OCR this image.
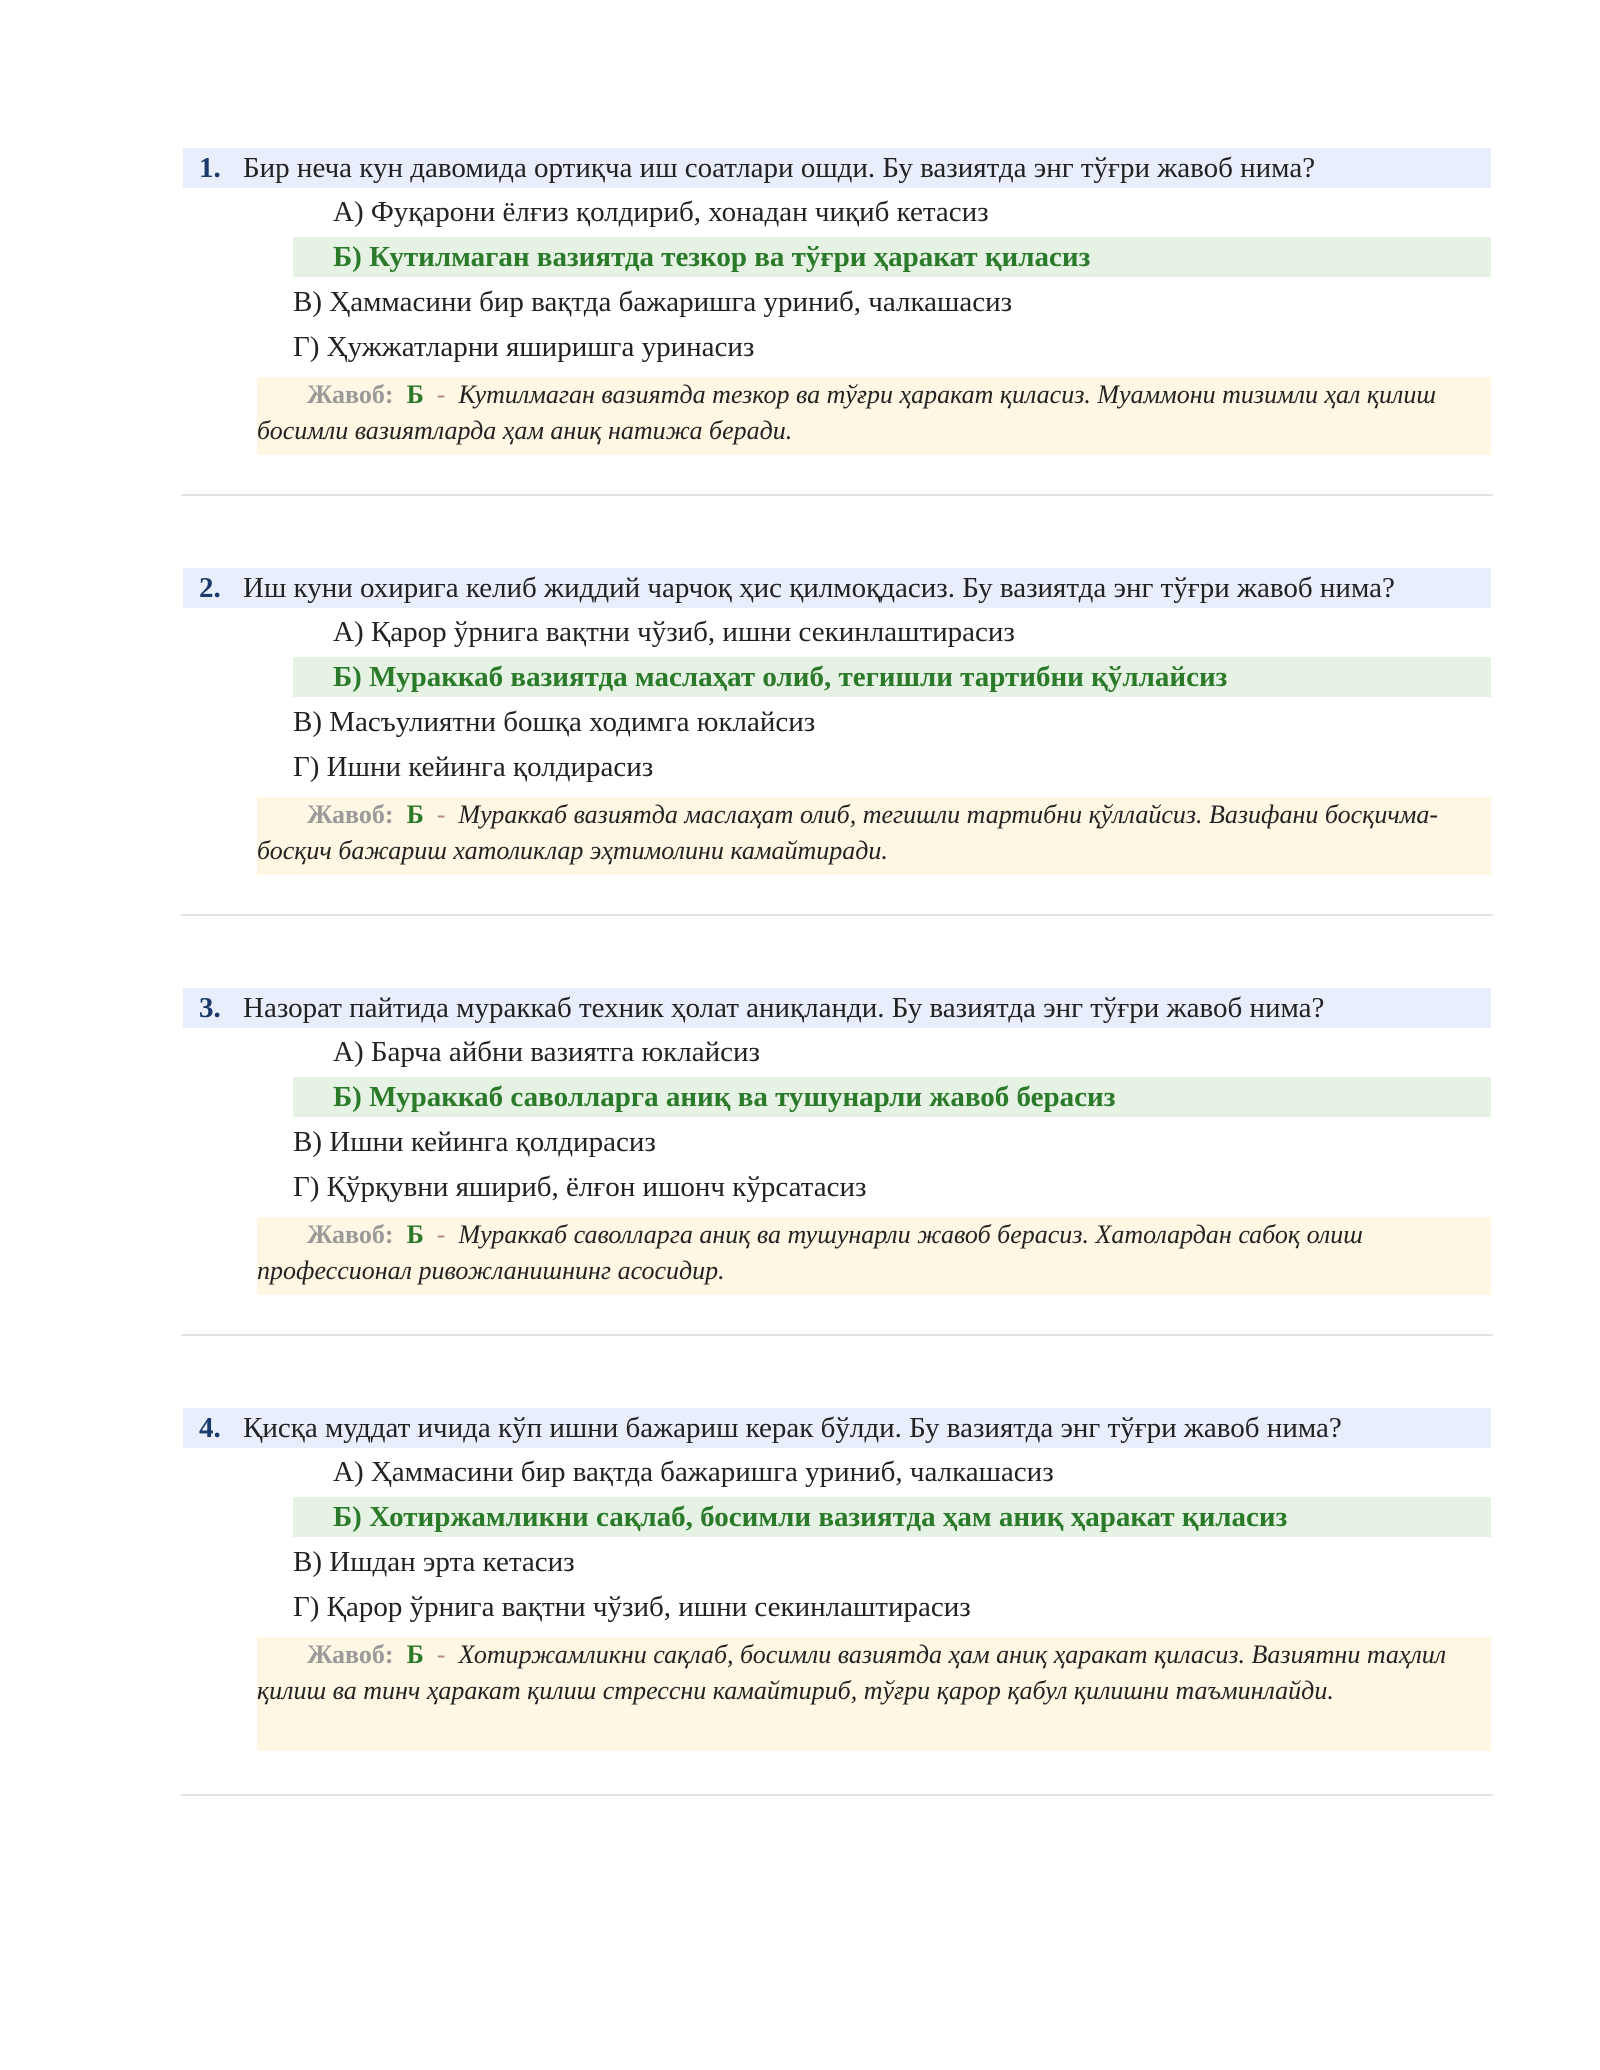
1. Бир неча кун давомида ортиқча иш соатлари ошди. Бу вазиятда энг тўғри жавоб нима?
А) Фуқарони ёлғиз қолдириб, хонадан чиқиб кетасиз
Б) Кутилмаган вазиятда тезкор ва тўғри ҳаракат қиласиз
В) Ҳаммасини бир вақтда бажаришга уриниб, чалкашасиз
Г) Ҳужжатларни яширишга уринасиз
Жавоб: Б  -  Кутилмаган вазиятда тезкор ва тўғри ҳаракат қиласиз. Муаммони тизимли ҳал қилиш босимли вазиятларда ҳам аниқ натижа беради.
2. Иш куни охирига келиб жиддий чарчоқ ҳис қилмоқдасиз. Бу вазиятда энг тўғри жавоб нима?
А) Қарор ўрнига вақтни чўзиб, ишни секинлаштирасиз
Б) Мураккаб вазиятда маслаҳат олиб, тегишли тартибни қўллайсиз
В) Масъулиятни бошқа ходимга юклайсиз
Г) Ишни кейинга қолдирасиз
Жавоб: Б  -  Мураккаб вазиятда маслаҳат олиб, тегишли тартибни қўллайсиз. Вазифани босқичма-босқич бажариш хатоликлар эҳтимолини камайтиради.
3. Назорат пайтида мураккаб техник ҳолат аниқланди. Бу вазиятда энг тўғри жавоб нима?
А) Барча айбни вазиятга юклайсиз
Б) Мураккаб саволларга аниқ ва тушунарли жавоб берасиз
В) Ишни кейинга қолдирасиз
Г) Қўрқувни яшириб, ёлғон ишонч кўрсатасиз
Жавоб: Б  -  Мураккаб саволларга аниқ ва тушунарли жавоб берасиз. Хатолардан сабоқ олиш профессионал ривожланишнинг асосидир.
4. Қисқа муддат ичида кўп ишни бажариш керак бўлди. Бу вазиятда энг тўғри жавоб нима?
А) Ҳаммасини бир вақтда бажаришга уриниб, чалкашасиз
Б) Хотиржамликни сақлаб, босимли вазиятда ҳам аниқ ҳаракат қиласиз
В) Ишдан эрта кетасиз
Г) Қарор ўрнига вақтни чўзиб, ишни секинлаштирасиз
Жавоб: Б  -  Хотиржамликни сақлаб, босимли вазиятда ҳам аниқ ҳаракат қиласиз. Вазиятни таҳлил қилиш ва тинч ҳаракат қилиш стрессни камайтириб, тўғри қарор қабул қилишни таъминлайди.
